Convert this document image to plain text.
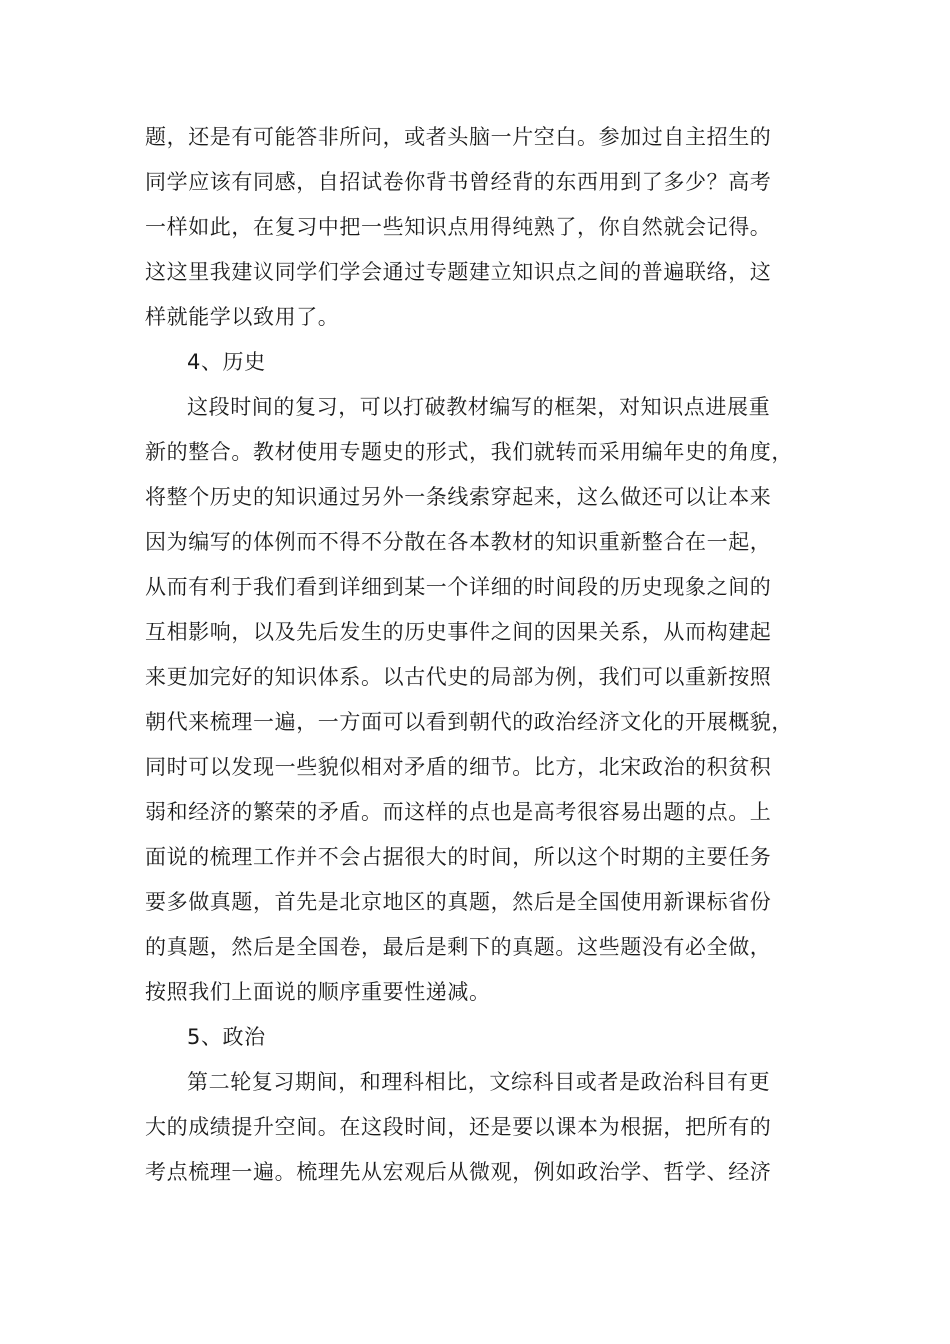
题，还是有可能答非所问，或者头脑一片空白。参加过自主招生的
同学应该有同感，自招试卷你背书曾经背的东西用到了多少？高考
一样如此，在复习中把一些知识点用得纯熟了，你自然就会记得。
这这里我建议同学们学会通过专题建立知识点之间的普遍联络，这
样就能学以致用了。
4、历史
这段时间的复习，可以打破教材编写的框架，对知识点进展重
新的整合。教材使用专题史的形式，我们就转而采用编年史的角度，
将整个历史的知识通过另外一条线索穿起来，这么做还可以让本来
因为编写的体例而不得不分散在各本教材的知识重新整合在一起，
从而有利于我们看到详细到某一个详细的时间段的历史现象之间的
互相影响，以及先后发生的历史事件之间的因果关系，从而构建起
来更加完好的知识体系。以古代史的局部为例，我们可以重新按照
朝代来梳理一遍，一方面可以看到朝代的政治经济文化的开展概貌，
同时可以发现一些貌似相对矛盾的细节。比方，北宋政治的积贫积
弱和经济的繁荣的矛盾。而这样的点也是高考很容易出题的点。上
面说的梳理工作并不会占据很大的时间，所以这个时期的主要任务
要多做真题，首先是北京地区的真题，然后是全国使用新课标省份
的真题，然后是全国卷，最后是剩下的真题。这些题没有必全做，
按照我们上面说的顺序重要性递减。
5、政治
第二轮复习期间，和理科相比，文综科目或者是政治科目有更
大的成绩提升空间。在这段时间，还是要以课本为根据，把所有的
考点梳理一遍。梳理先从宏观后从微观，例如政治学、哲学、经济
